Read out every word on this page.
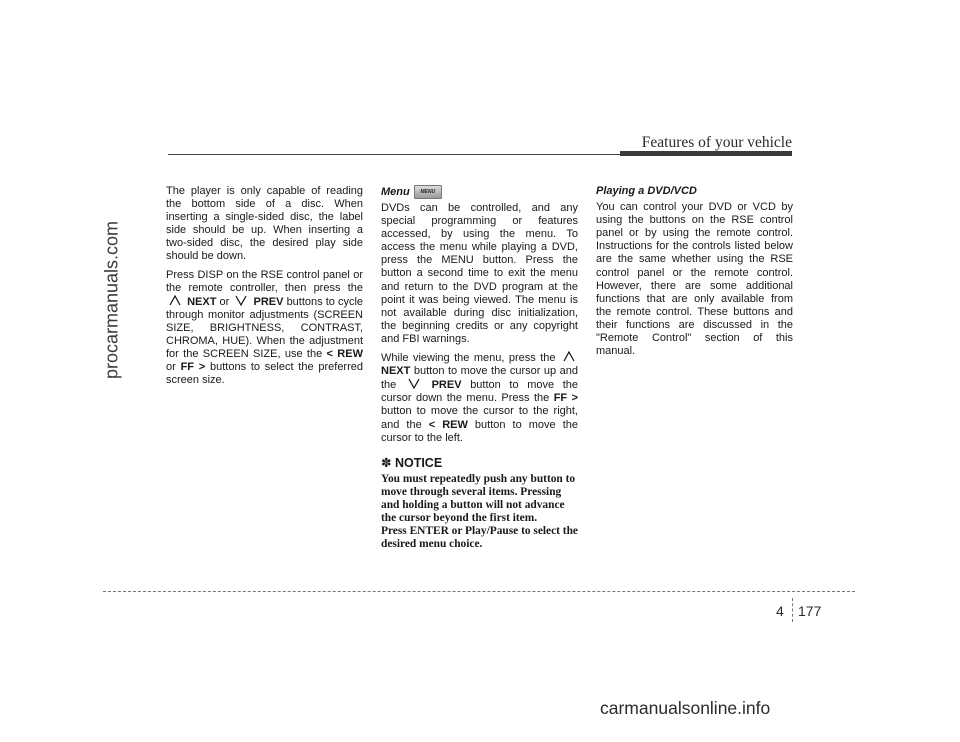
Features of your vehicle
procarmanuals.com

The player is only capable of reading the bottom side of a disc. When inserting a single-sided disc, the label side should be up. When inserting a two-sided disc, the desired play side should be down.

Press DISP on the RSE control panel or the remote controller, then press the  NEXT or PREV buttons to cycle through monitor adjustments (SCREEN SIZE, BRIGHTNESS, CONTRAST, CHROMA, HUE). When the adjustment for the SCREEN SIZE, use the < REW or FF > buttons to select the preferred screen size.

Menu MENU

DVDs can be controlled, and any special programming or features accessed, by using the menu. To access the menu while playing a DVD, press the MENU button. Press the button a second time to exit the menu and return to the DVD program at the point it was being viewed. The menu is not available during disc initialization, the beginning credits or any copyright and FBI warnings.

While viewing the menu, press the  NEXT button to move the cursor up and the	PREV button to move the cursor down the menu. Press the FF > button to move the cursor to the right, and the < REW button to move the cursor to the left.

✽ NOTICE
You must repeatedly push any button to move through several items. Pressing and holding a button will not advance the cursor beyond the first item.
Press ENTER or Play/Pause to select the desired menu choice.
Playing a DVD/VCD

You can control your DVD or VCD by using the buttons on the RSE control panel or by using the remote control. Instructions for the controls listed below are the same whether using the RSE control panel or the remote control. However, there are some additional functions that are only available from the remote control. These buttons and their functions are discussed in the "Remote Control" section of this manual.

4 177
carmanualsonline.info
